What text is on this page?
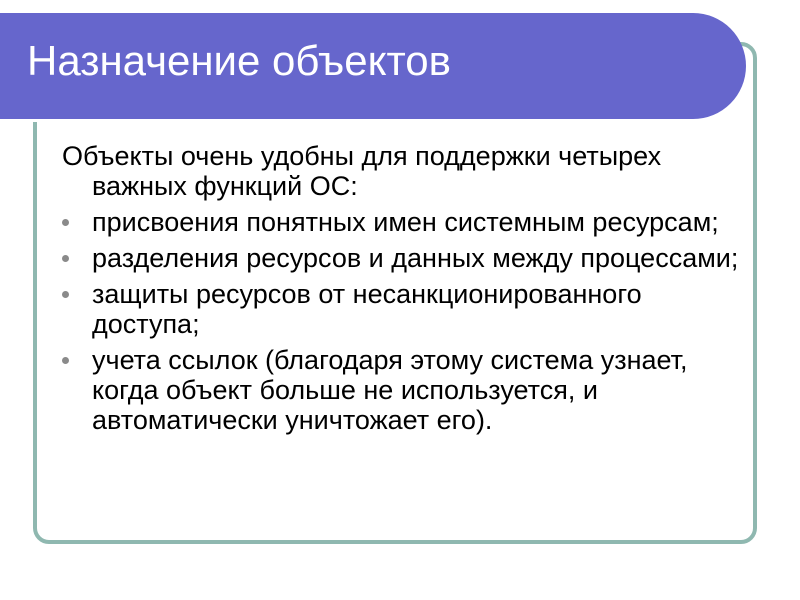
Назначение объектов

Объекты очень удобны для поддержки четырех важных функций ОС:

присвоения понятных имен системным ресурсам;
разделения ресурсов и данных между процессами;
защиты ресурсов от несанкционированного доступа;
учета ссылок (благодаря этому система узнает, когда объект больше не используется, и автоматически уничтожает его).
